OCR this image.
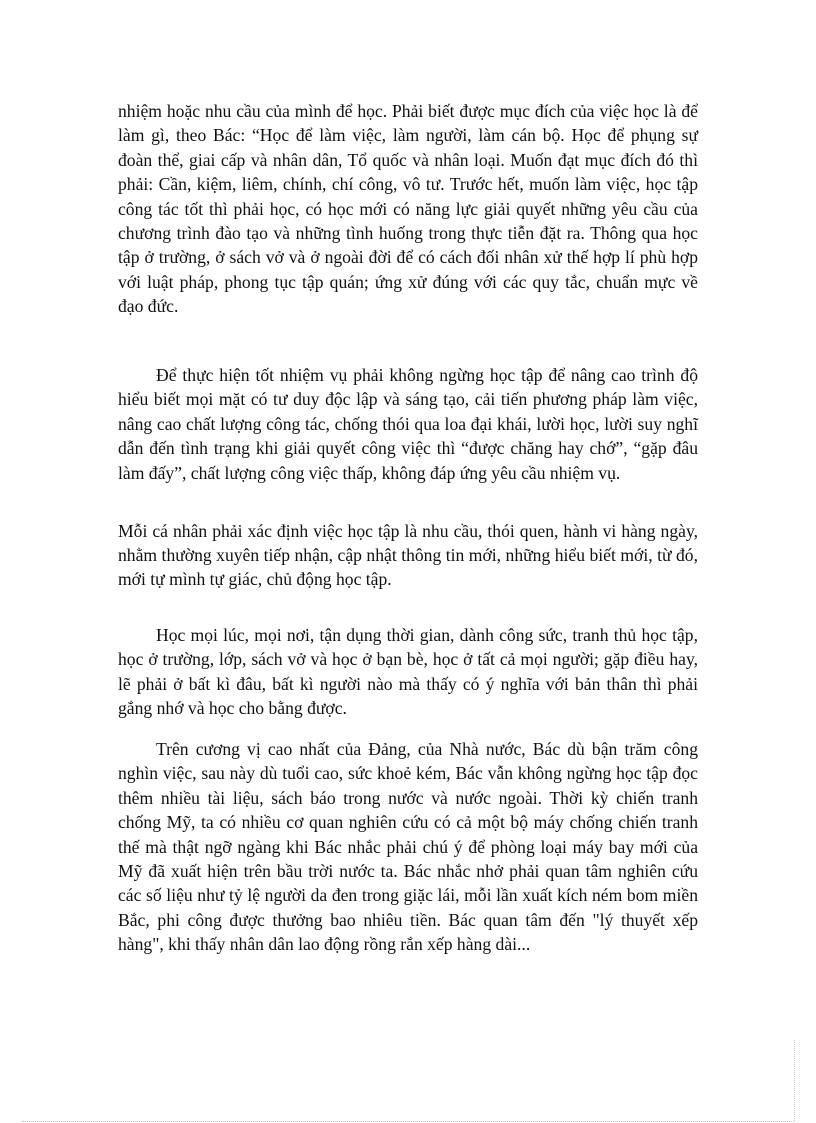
nhiệm hoặc nhu cầu của mình để học. Phải biết được mục đích của việc học là để làm gì, theo Bác: “Học để làm việc, làm người, làm cán bộ. Học để phụng sự đoàn thể, giai cấp và nhân dân, Tổ quốc và nhân loại. Muốn đạt mục đích đó thì phải: Cần, kiệm, liêm, chính, chí công, vô tư. Trước hết, muốn làm việc, học tập công tác tốt thì phải học, có học mới có năng lực giải quyết những yêu cầu của chương trình đào tạo và những tình huống trong thực tiễn đặt ra. Thông qua học tập ở trường, ở sách vở và ở ngoài đời để có cách đối nhân xử thế hợp lí phù hợp với luật pháp, phong tục tập quán; ứng xử đúng với các quy tắc, chuẩn mực về đạo đức.

Để thực hiện tốt nhiệm vụ phải không ngừng học tập để nâng cao trình độ hiểu biết mọi mặt có tư duy độc lập và sáng tạo, cải tiến phương pháp làm việc, nâng cao chất lượng công tác, chống thói qua loa đại khái, lười học, lười suy nghĩ dẫn đến tình trạng khi giải quyết công việc thì “được chăng hay chớ”, “gặp đâu làm đấy”, chất lượng công việc thấp, không đáp ứng yêu cầu nhiệm vụ.

Mỗi cá nhân phải xác định việc học tập là nhu cầu, thói quen, hành vi hàng ngày, nhằm thường xuyên tiếp nhận, cập nhật thông tin mới, những hiểu biết mới, từ đó, mới tự mình tự giác, chủ động học tập.

Học mọi lúc, mọi nơi, tận dụng thời gian, dành công sức, tranh thủ học tập, học ở trường, lớp, sách vở và học ở bạn bè, học ở tất cả mọi người; gặp điều hay, lẽ phải ở bất kì đâu, bất kì người nào mà thấy có ý nghĩa với bản thân thì phải gắng nhớ và học cho bằng được.

Trên cương vị cao nhất của Đảng, của Nhà nước, Bác dù bận trăm công nghìn việc, sau này dù tuổi cao, sức khoẻ kém, Bác vẫn không ngừng học tập đọc thêm nhiều tài liệu, sách báo trong nước và nước ngoài. Thời kỳ chiến tranh chống Mỹ, ta có nhiều cơ quan nghiên cứu có cả một bộ máy chống chiến tranh thế mà thật ngỡ ngàng khi Bác nhắc phải chú ý để phòng loại máy bay mới của Mỹ đã xuất hiện trên bầu trời nước ta. Bác nhắc nhở phải quan tâm nghiên cứu các số liệu như tỷ lệ người da đen trong giặc lái, mỗi lần xuất kích ném bom miền Bắc, phi công được thưởng bao nhiêu tiền. Bác quan tâm đến "lý thuyết xếp hàng", khi thấy nhân dân lao động rồng rắn xếp hàng dài...
